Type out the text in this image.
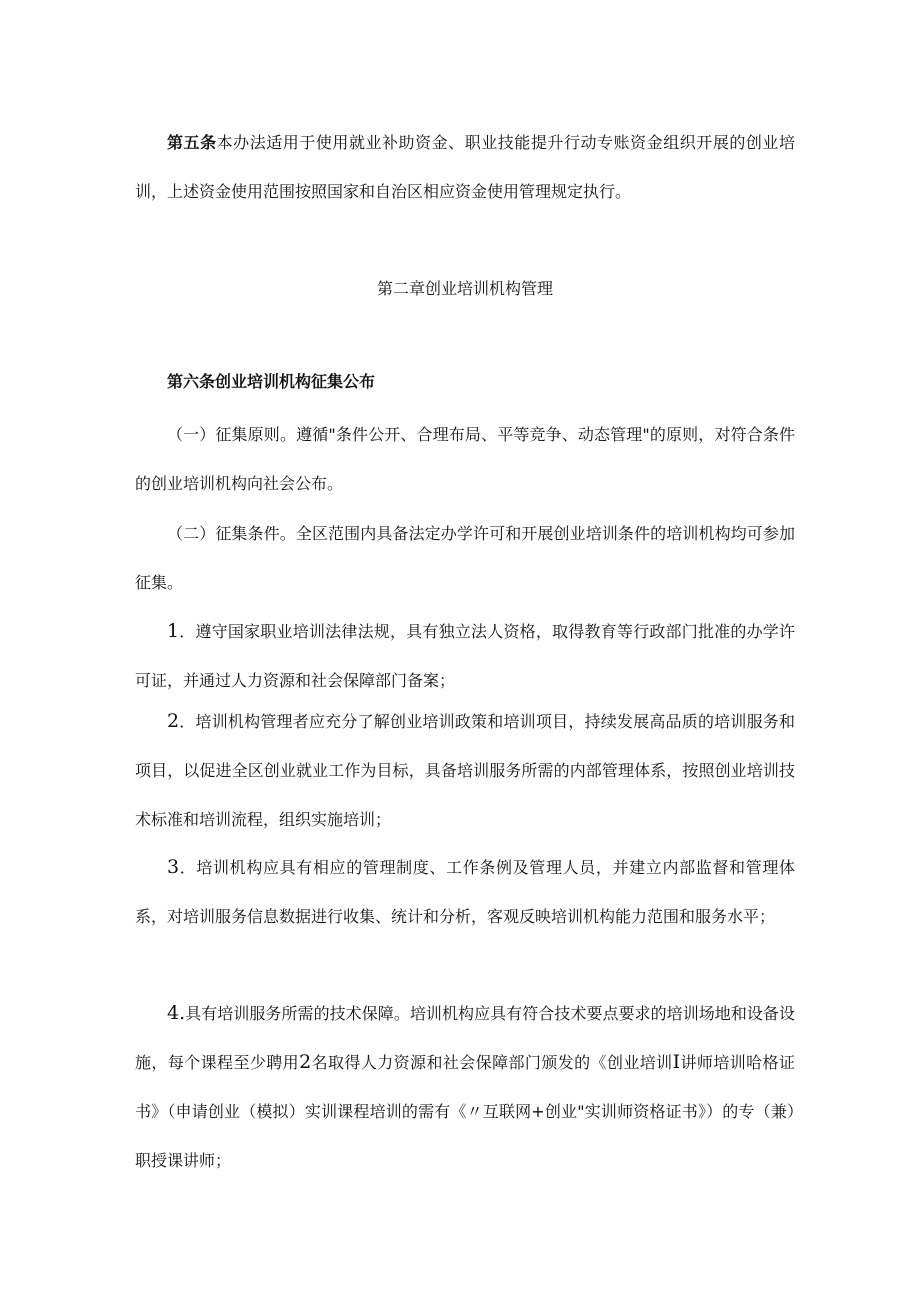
第五条本办法适用于使用就业补助资金、职业技能提升行动专账资金组织开展的创业培训，上述资金使用范围按照国家和自治区相应资金使用管理规定执行。

第二章创业培训机构管理

第六条创业培训机构征集公布

（一）征集原则。遵循"条件公开、合理布局、平等竞争、动态管理"的原则，对符合条件的创业培训机构向社会公布。

（二）征集条件。全区范围内具备法定办学许可和开展创业培训条件的培训机构均可参加征集。

1．遵守国家职业培训法律法规，具有独立法人资格，取得教育等行政部门批准的办学许可证，并通过人力资源和社会保障部门备案；

2．培训机构管理者应充分了解创业培训政策和培训项目，持续发展高品质的培训服务和项目，以促进全区创业就业工作为目标，具备培训服务所需的内部管理体系，按照创业培训技术标准和培训流程，组织实施培训；

3．培训机构应具有相应的管理制度、工作条例及管理人员，并建立内部监督和管理体系，对培训服务信息数据进行收集、统计和分析，客观反映培训机构能力范围和服务水平；

4.具有培训服务所需的技术保障。培训机构应具有符合技术要点要求的培训场地和设备设施，每个课程至少聘用2名取得人力资源和社会保障部门颁发的《创业培训I讲师培训哈格证书》（申请创业（模拟）实训课程培训的需有《〃互联网+创业"实训师资格证书》）的专（兼）职授课讲师；
